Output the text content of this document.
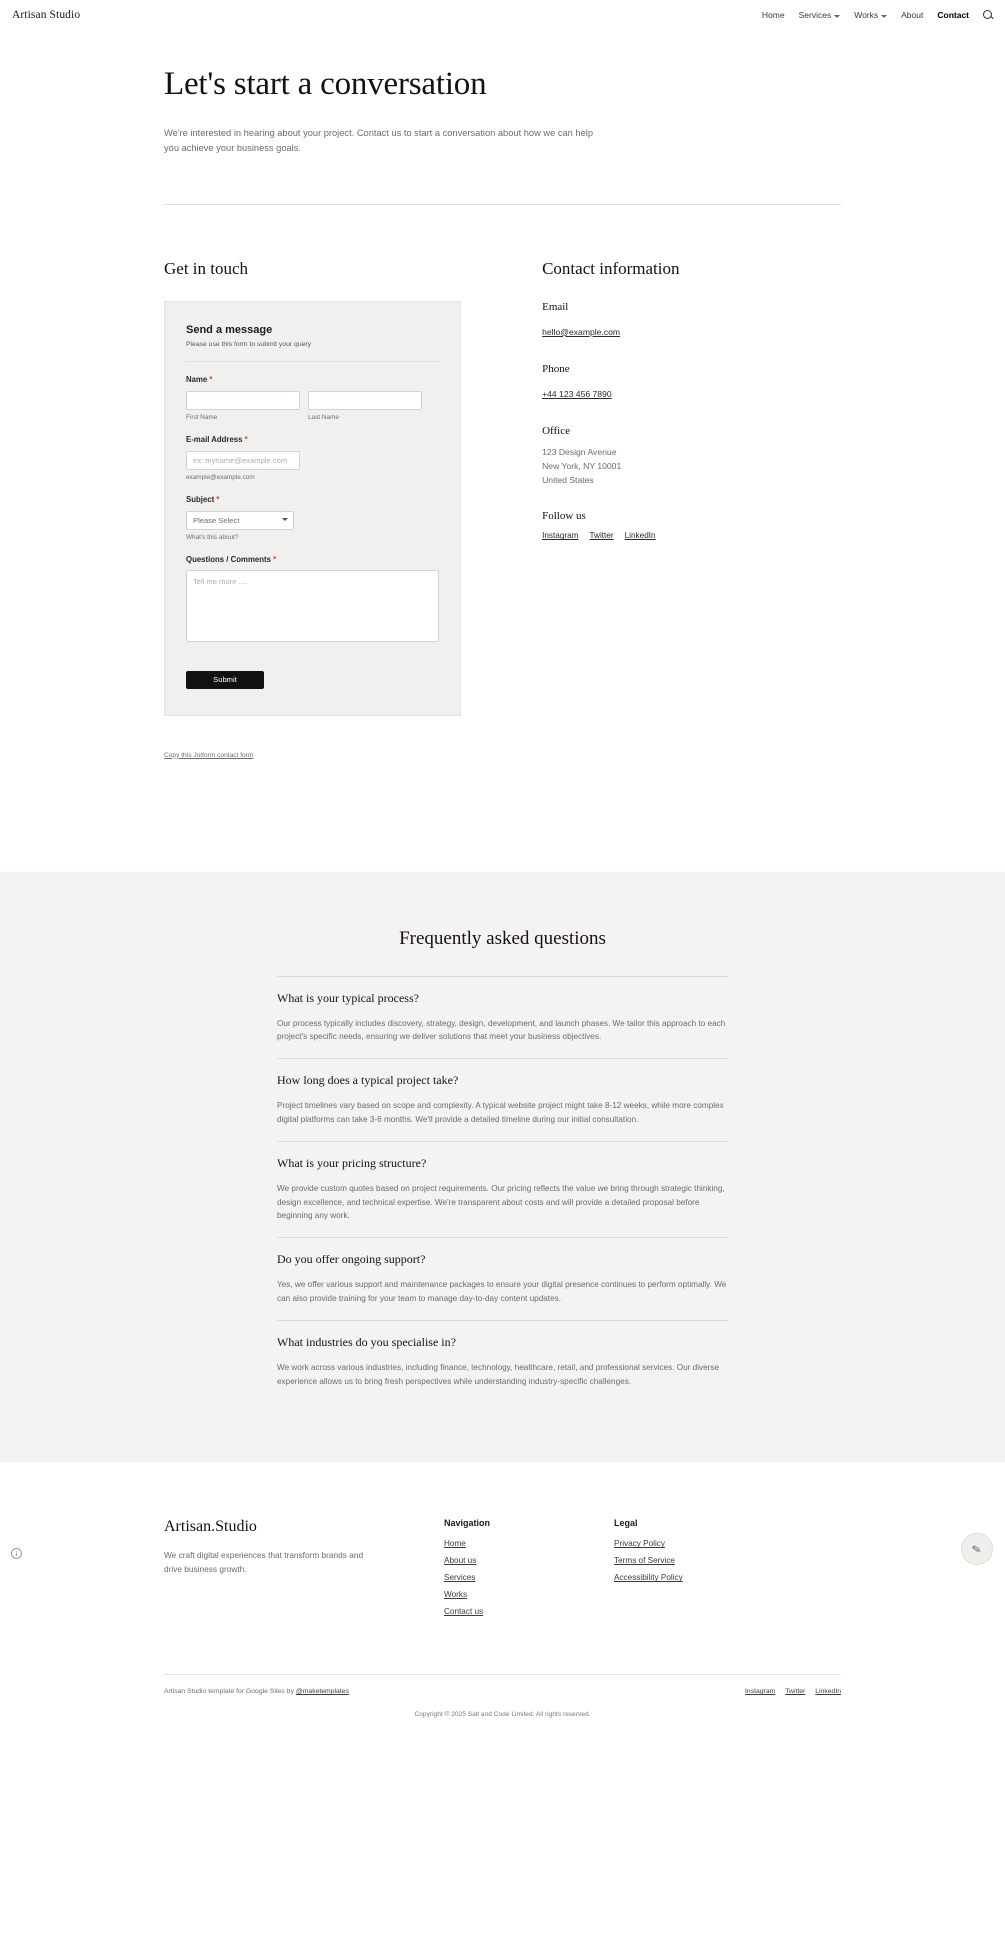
Artisan Studio	Home Services	Works	About Contact
Let's start a conversation

We're interested in hearing about your project. Contact us to start a conversation about how we can help you achieve your business goals.

Get in touch
Send a message

Please use this form to submit your query

Name *
First Name	Last Name
E-mail Address *
ex: myname@example.com
example@example.com
Subject *
Please Select
What's this about?
Questions / Comments *
Tell me more ....
Submit
Copy this Jotform contact form
Contact information
Email
hello@example.com
Phone
+44 123 456 7890
Office
123 Design Avenue
New York, NY 10001
United States
Follow us
Instagram Twitter LinkedIn
Frequently asked questions
What is your typical process?

Our process typically includes discovery, strategy, design, development, and launch phases. We tailor this approach to each project's specific needs, ensuring we deliver solutions that meet your business objectives.

How long does a typical project take?

Project timelines vary based on scope and complexity. A typical website project might take 8-12 weeks, while more complex digital platforms can take 3-6 months. We'll provide a detailed timeline during our initial consultation.

What is your pricing structure?

We provide custom quotes based on project requirements. Our pricing reflects the value we bring through strategic thinking, design excellence, and technical expertise. We're transparent about costs and will provide a detailed proposal before beginning any work.

Do you offer ongoing support?

Yes, we offer various support and maintenance packages to ensure your digital presence continues to perform optimally. We can also provide training for your team to manage day-to-day content updates.

What industries do you specialise in?

We work across various industries, including finance, technology, healthcare, retail, and professional services. Our diverse experience allows us to bring fresh perspectives while understanding industry-specific challenges.

Artisan.Studio

We craft digital experiences that transform brands and drive business growth.

Navigation
Home
About us
Services
Works
Contact us
Legal
Privacy Policy
Terms of Service
Accessibility Policy
Artisan Studio template for Google Sites by @maketemplates	Instagram Twitter LinkedIn
Copyright © 2025 Salt and Code Limited. All rights reserved.
i	✎
